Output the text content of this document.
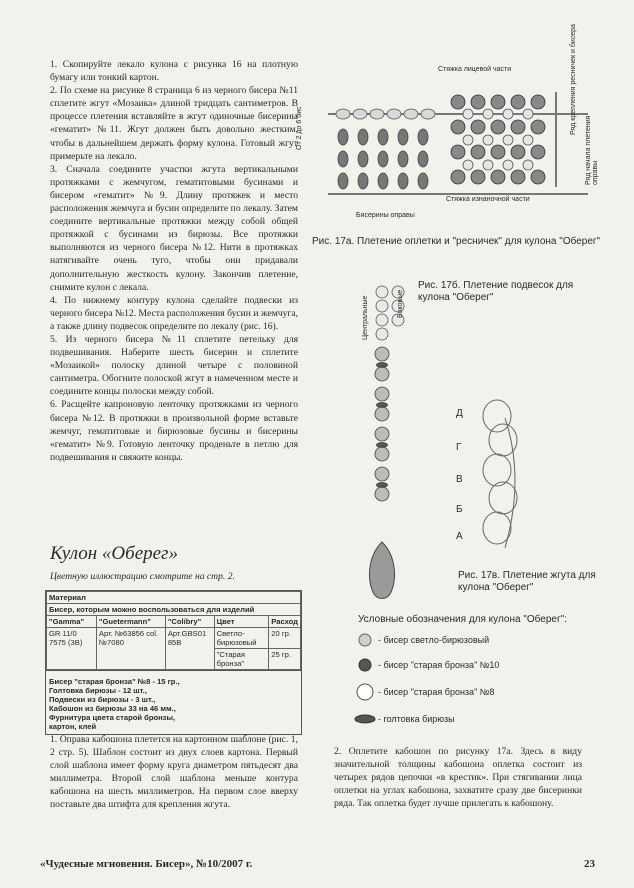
1. Скопируйте лекало кулона с рисунка 16 на плотную бумагу или тонкий картон.

2. По схеме на рисунке 8 страница 6 из черного бисера №11 сплетите жгут «Мозаика» длиной тридцать сантиметров. В процессе плетения вставляйте в жгут одиночные бисерины «гематит» №11. Жгут должен быть довольно жестким, чтобы в дальнейшем держать форму кулона. Готовый жгут примерьте на лекало.

3. Сначала соедините участки жгута вертикальными протяжками с жемчугом, гематитовыми бусинами и бисером «гематит» №9. Длину протяжек и место расположения жемчуга и бусин определите по лекалу. Затем соедините вертикальные протяжки между собой общей протяжкой с бусинами из бирюзы. Все протяжки выполняются из черного бисера №12. Нити в протяжках натягивайте очень туго, чтобы они придавали дополнительную жесткость кулону. Закончив плетение, снимите кулон с лекала.

4. По нижнему контуру кулона сделайте подвески из черного бисера №12. Места расположения бусин и жемчуга, а также длину подвесок определите по лекалу (рис. 16).

5. Из черного бисера №11 сплетите петельку для подвешивания. Наберите шесть бисерин и сплетите «Мозаикой» полоску длиной четыре с половиной сантиметра. Обогните полоской жгут в намеченном месте и соедините концы полоски между собой.

6. Расщейте капроновую ленточку протяжками из черного бисера №12. В протяжки в произвольной форме вставьте жемчуг, гематитовые и бирюзовые бусины и бисерины «гематит» №9. Готовую ленточку проденьте в петлю для подвешивания и свяжите концы.

Кулон «Оберег»
Цветную иллюстрацию смотрите на стр. 2.
Материал				
Бисер, которым можно воспользоваться для изделий				
"Gamma"	"Guetermann"	"Colibry"	Цвет	Расход
GR 11/0 7575 (3B)	Арт. №63856 col. №7080	Арт.GBS01 85B	Светло-бирюзовый	20 гр.
			"Старая бронза"	25 гр.
Бисер "старая бронза" №8 - 15 гр.,
Голтовка бирюзы - 12 шт.,
Подвески из бирюзы - 3 шт.,
Кабошон из бирюзы 33 на 46 мм.,
Фурнитура цвета старой бронзы,
картон, клей
1. Оправа кабошона плетется на картонном шаблоне (рис. 1, 2 стр. 5). Шаблон состоит из двух слоев картона. Первый слой шаблона имеет форму круга диаметром пятьдесят два миллиметра. Второй слой шаблона меньше контура кабошона на шесть миллиметров. На первом слое вверху поставьте два штифта для крепления жгута.
2. Оплетите кабошон по рисунку 17а. Здесь в виду значительной толщины кабошона оплетка состоит из четырех рядов цепочки «в крестик». При стягивании лица оплетки на углах кабошона, захватите сразу две бисеринки ряда. Так оплетка будет лучше прилегать к кабошону.
Стяжка лицевой части
Стяжка изнаночной части
Бисерины оправы
От 2 до 6 бис	Ряд крепления ресничек и бисера
Ряд начала плетения оправы
Рис. 17а. Плетение оплетки и "ресничек" для кулона "Оберег"
Центральные	Боковые
Рис. 17б. Плетение подвесок для кулона "Оберег"
Д
Г
В
Б
А
Рис. 17в. Плетение жгута для кулона "Оберег"
Условные обозначения для кулона "Оберег":
- бисер светло-бирюзовый
- бисер "старая бронза" №10
- бисер "старая бронза" №8
- голтовка бирюзы
«Чудесные мгновения. Бисер», №10/2007 г.	23
